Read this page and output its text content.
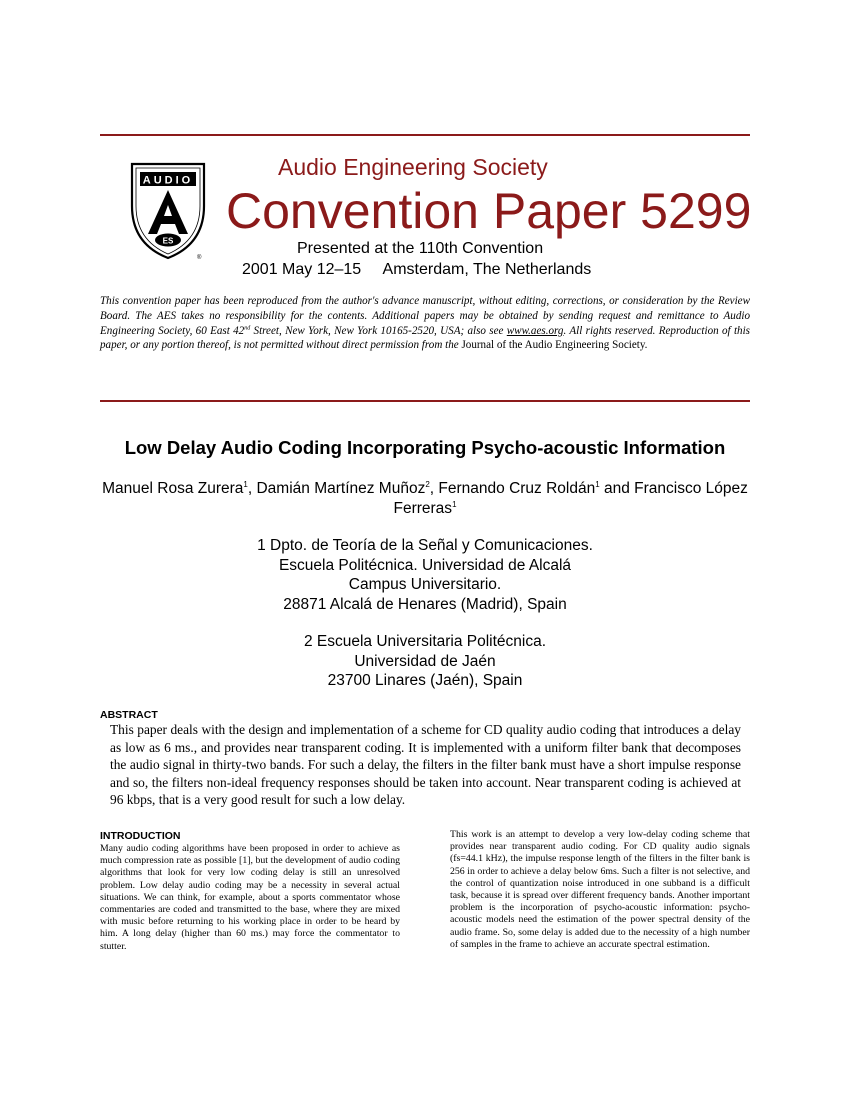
AUDIO
ES
®
Audio Engineering Society
Convention Paper 5299
Presented at the 110th Convention
2001 May 12–15 Amsterdam, The Netherlands
This convention paper has been reproduced from the author's advance manuscript, without editing, corrections, or consideration by the Review Board. The AES takes no responsibility for the contents. Additional papers may be obtained by sending request and remittance to Audio Engineering Society, 60 East 42nd Street, New York, New York 10165-2520, USA; also see www.aes.org. All rights reserved. Reproduction of this paper, or any portion thereof, is not permitted without direct permission from the Journal of the Audio Engineering Society.
Low Delay Audio Coding Incorporating Psycho-acoustic Information
Manuel Rosa Zurera$^1$, Damián Martínez Muñoz$^2$, Fernando Cruz Roldán$^1$ and Francisco López Ferreras$^1$
1 Dpto. de Teoría de la Señal y Comunicaciones.
Escuela Politécnica. Universidad de Alcalá
Campus Universitario.
28871 Alcalá de Henares (Madrid), Spain
2 Escuela Universitaria Politécnica.
Universidad de Jaén
23700 Linares (Jaén), Spain
ABSTRACT
This paper deals with the design and implementation of a scheme for CD quality audio coding that introduces a delay as low as 6 ms., and provides near transparent coding. It is implemented with a uniform filter bank that decomposes the audio signal in thirty-two bands. For such a delay, the filters in the filter bank must have a short impulse response and so, the filters non-ideal frequency responses should be taken into account. Near transparent coding is achieved at 96 kbps, that is a very good result for such a low delay.
INTRODUCTION
Many audio coding algorithms have been proposed in order to achieve as much compression rate as possible [1], but the development of audio coding algorithms that look for very low coding delay is still an unresolved problem. Low delay audio coding may be a necessity in several actual situations. We can think, for example, about a sports commentator whose commentaries are coded and transmitted to the base, where they are mixed with music before returning to his working place in order to be heard by him. A long delay (higher than 60 ms.) may force the commentator to stutter.
This work is an attempt to develop a very low-delay coding scheme that provides near transparent audio coding. For CD quality audio signals (fs=44.1 kHz), the impulse response length of the filters in the filter bank is 256 in order to achieve a delay below 6ms. Such a filter is not selective, and the control of quantization noise introduced in one subband is a difficult task, because it is spread over different frequency bands. Another important problem is the incorporation of psycho-acoustic information: psycho-acoustic models need the estimation of the power spectral density of the audio frame. So, some delay is added due to the necessity of a high number of samples in the frame to achieve an accurate spectral estimation.
